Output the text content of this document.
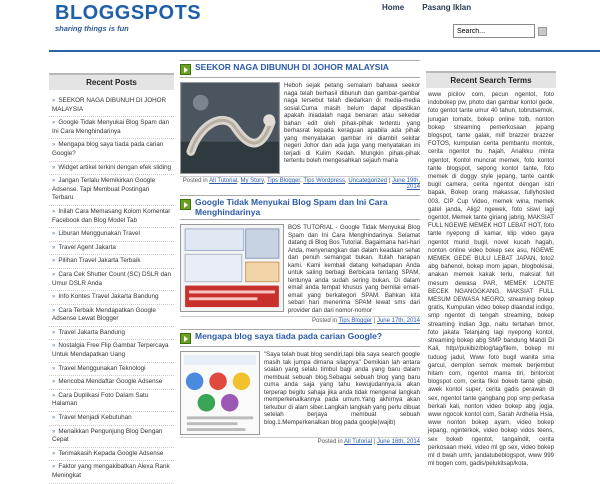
BLOGGSPOTS
sharing things is fun
Home Pasang Iklan
Search...
Recent Posts
» SEEKOR NAGA DIBUNUH DI JOHOR MALAYSIA
» Google Tidak Menyukai Blog Spam dan Ini Cara Menghindarinya
» Mengapa blog saya tiada pada carian Google?
» Widget artikel terkini dengan efek sliding
» Jangan Terlalu Memikirkan Google Adsense. Tapi Membuat Postingan Terbaru
» Inilah Cara Memasang Kolom Komentar Facebook dan Blog Model Tab
» Liburan Menggunakan Travel
» Travel Agent Jakarta
» Pilihan Travel Jakarta Terbaik
» Cara Cek Shutter Count (SC) DSLR dan Umur DSLR Anda
» Info Kontes Travel Jakarta Bandung
» Cara Terbaik Mendapatkan Google Adsense Lewat Blogger
» Travel Jakarta Bandung
» Nostalgia Free Flip Gambar Terpercaya Untuk Mendapatkan Uang
» Travel Menggunakan Teknologi
» Mencoba Mendaftar Google Adsense
» Cara Duplikasi Foto Dalam Satu Halaman
» Travel Menjadi Kebutuhan
» Menaikkan Pengunjung Blog Dengan Cepat
» Terimakasih Kepada Google Adsense
» Faktor yang mengakibatkan Alexa Rank Meningkat
SEEKOR NAGA DIBUNUH DI JOHOR MALAYSIA
Heboh sejak petang semalam bahawa seekor naga telah berhasil dibunuh dan gambar-gambar naga tersebut telah diedarkan di media-media sosial.Cuma masih belum dapat dipastikan apakah iniadalah naga benaran atau sekedar bahan edit oleh pihak-pihak tertentu yang berhasrat kepada keraguan apabila ada pihak yang menyatakan gambar ini diambil sekitar negeri Johor dan ada juga yang menyatakan ini terjadi di Kulim Kedah. Mungkin pihak-pihak tertentu boleh mengesahkan sejauh mana
Posted in All Tutorial, My Story, Tips Blogger, Tips Wordpress, Uncategorized | June 19th, 2014
Google Tidak Menyukai Blog Spam dan Ini Cara Menghindarinya
BOS TUTORIAL - Google Tidak Menyukai Blog Spam dan Ini Cara Menghindarinya. Selamat datang di Blog Bos Tutorial. Bagaimana hari-hari Anda, menyenangkan dan dalam keadaan sehat dan penuh semangat bukan. Itulah harapan kami. Kami kembali datang kehadapan Anda untuk saling berbagi Berbicara tentang SPAM, tentunya anda sudah sering bukan. Di dalam email anda tempat khusus yang bernilai email-email yang berkategori SPAM. Bahkan kita sebari hari menerima SPAM lewat sms dari provider dan dari nomor-nomor
Posted in Tips Blogger | June 17th, 2014
Mengapa blog saya tiada pada carian Google?
"Saya telah buat blog sendiri,tapi bila saya search google masih tak jumpa dimana silapnya" Demikian lah antara soalan yang selalu timbul bagi anda yang baru dalam membuat sebuah blog.Sebagai sebuah blog yang baru cuma anda saja yang tahu kewujudannya.Ia akan terperap begitu sahaja jika anda tidak mengenal langkah memperkenalkannya pada umum.Yang akhirnya akan terkubur di alam siber.Langkah langkah yang perlu dibuat setelah berjaya membuat sebuah blog.1.Memperkenalkan blog pada google(wajib)
Posted in All Tutorial | June 16th, 2014
Recent Search Terms
www picilov com, pecun ngentot, foto indobokep pw, photo dan gambar kontol gede, foto gentot tante umur 40 tahun, tobrutsemok, jurugan tomatx, bokep online tolb, nonton bokep streaming pemerkosaan jepang blogspot, tante galak, milf brazzer brazzer FOTOS, kumpulan cerita pembantu montok, cerita ngentot bu hajah, Analkku minta ngentot, Kontol muncrat memek, foto kontol tante blogspot, sepong kontol tante, foto memek di doggy style jepang, tante cantik bugil camera, cerita ngentot dengan istri bapak, Bokep orang makassar, fullyhosted 003, CIP Cup Video, memek wina, memek gatel janda, Alig2 ngewek, foto siswi lagi ngentot, Memek tante giriang jabrig, MAKSIAT FULL NGEWE MEMEK HOT LEBAT HOT, foto tante nyepong di kamar, klip video gaya ngentot murid bugil, novel kucah hagah, nonton online video bokep sex asu, NGEWE MEMEK GEDE BULU LEBAT JAPAN, foto2 abg bahenol, bokep mom japan, blogbokisai, anakan memek kakak terlu, maksiat full mesum dewasa PAR, MEMEK LONTE BECEK NGANGGKANG, MAKSIAT FULL MESUM DEWASA NEGRO, streaming bokep gratis, Kumpulan video bokep dlaandal indigo, smp ngentot di tengah streaming, bokep streaming indian 3gp, naitu tertahan bmor, foto jakata Telanjang lagi nyepong kontol, streaming bokep abg SMP bandung Mandi Di Kali, http//pukibiz/blog/tag/filem, bokep ml tuduog jadul, Www foto bugil wanita sma garcul, demplon semok memek berjembut hitam com, ngentot mama tiri, bintorcot blogspot com, cerita fikoi bokeb tante gibab, awek kontol super, cerita gadis perawan di sex, ngentot tante gangbang pop smp perkasa berkali kali, nonton video bokep abg jogja, www ngocok kontol com, Sarah Ardhelia Hsia, www nonton bokep ayam, video bokep jepang, nginterkok, video bokep vidos teens, sex bokeb ngentot, tangaindit, cerita perkosaan meki, video ml gp sex, video bokep ml d bwah umh, jandatubeblogspot, www 999 ml bogen com, gadis/pelukitsap/kota,
